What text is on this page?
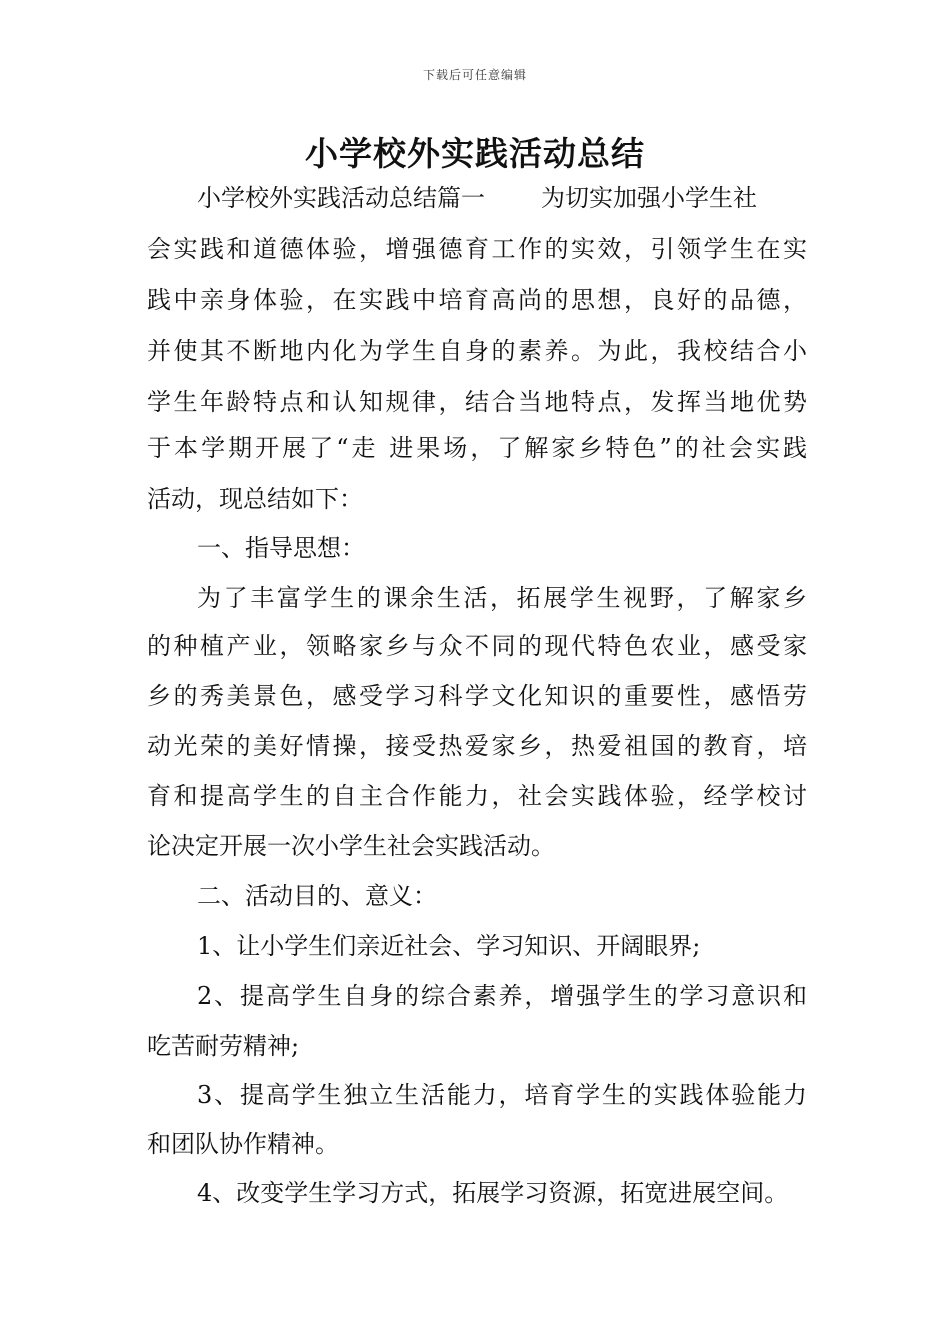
下载后可任意编辑
小学校外实践活动总结
小学校外实践活动总结篇一 为切实加强小学生社
会实践和道德体验，增强德育工作的实效，引领学生在实
践中亲身体验，在实践中培育高尚的思想，良好的品德，
并使其不断地内化为学生自身的素养。为此，我校结合小
学生年龄特点和认知规律，结合当地特点，发挥当地优势
于本学期开展了“走 进果场，了解家乡特色”的社会实践
活动，现总结如下：
一、指导思想：
为了丰富学生的课余生活，拓展学生视野，了解家乡
的种植产业，领略家乡与众不同的现代特色农业，感受家
乡的秀美景色，感受学习科学文化知识的重要性，感悟劳
动光荣的美好情操，接受热爱家乡，热爱祖国的教育，培
育和提高学生的自主合作能力，社会实践体验，经学校讨
论决定开展一次小学生社会实践活动。
二、活动目的、意义：
1、让小学生们亲近社会、学习知识、开阔眼界;
2、提高学生自身的综合素养，增强学生的学习意识和
吃苦耐劳精神;
3、提高学生独立生活能力，培育学生的实践体验能力
和团队协作精神。
4、改变学生学习方式，拓展学习资源，拓宽进展空间。
